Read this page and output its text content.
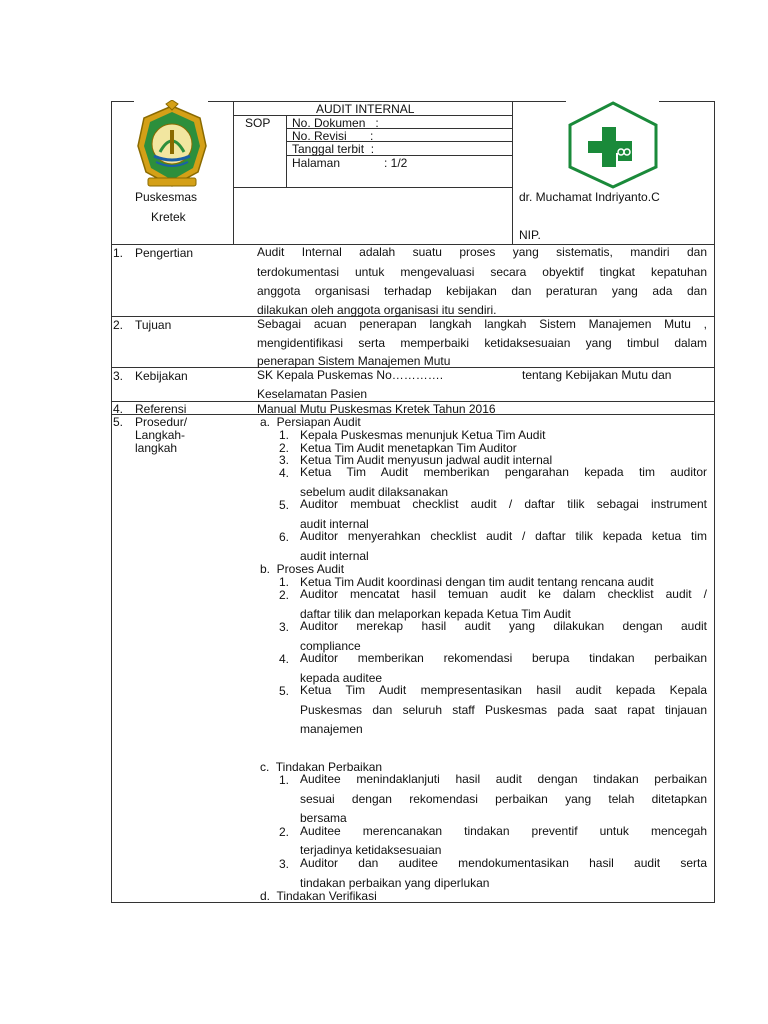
AUDIT INTERNAL
SOP No. Dokumen   :
No. Revisi       :
Tanggal terbit  :
Halaman	: 1/2
Puskesmas
Kretek
dr. Muchamat Indriyanto.C
NIP.
1. Pengertian	Audit Internal adalah suatu proses yang sistematis, mandiri dan
terdokumentasi untuk mengevaluasi secara obyektif tingkat kepatuhan
anggota organisasi terhadap kebijakan dan peraturan yang ada dan
dilakukan oleh anggota organisasi itu sendiri.
2. Tujuan	Sebagai acuan penerapan langkah langkah Sistem Manajemen Mutu ,
mengidentifikasi serta memperbaiki ketidaksesuaian yang timbul dalam
penerapan Sistem Manajemen Mutu
3. Kebijakan	SK Kepala Puskemas No………….	tentang Kebijakan Mutu dan
Keselamatan Pasien
4. Referensi	Manual Mutu Puskesmas Kretek Tahun 2016
5. Prosedur/
Langkah-
langkah
a.  Persiapan Audit
1. Kepala Puskesmas menunjuk Ketua Tim Audit
2. Ketua Tim Audit menetapkan Tim Auditor
3. Ketua Tim Audit menyusun jadwal audit internal
4. Ketua Tim Audit memberikan pengarahan kepada tim auditor
sebelum audit dilaksanakan
5. Auditor membuat checklist audit / daftar tilik sebagai instrument
audit internal
6. Auditor menyerahkan checklist audit / daftar tilik kepada ketua tim
audit internal
b.  Proses Audit
1. Ketua Tim Audit koordinasi dengan tim audit tentang rencana audit
2. Auditor mencatat hasil temuan audit ke dalam checklist audit /
daftar tilik dan melaporkan kepada Ketua Tim Audit
3. Auditor merekap hasil audit yang dilakukan dengan audit
compliance
4. Auditor memberikan rekomendasi berupa tindakan perbaikan
kepada auditee
5. Ketua Tim Audit mempresentasikan hasil audit kepada Kepala
Puskesmas dan seluruh staff Puskesmas pada saat rapat tinjauan
manajemen
c.  Tindakan Perbaikan
1. Auditee menindaklanjuti hasil audit dengan tindakan perbaikan
sesuai dengan rekomendasi perbaikan yang telah ditetapkan
bersama
2. Auditee merencanakan tindakan preventif untuk mencegah
terjadinya ketidaksesuaian
3. Auditor dan auditee mendokumentasikan hasil audit serta
tindakan perbaikan yang diperlukan
d.  Tindakan Verifikasi
